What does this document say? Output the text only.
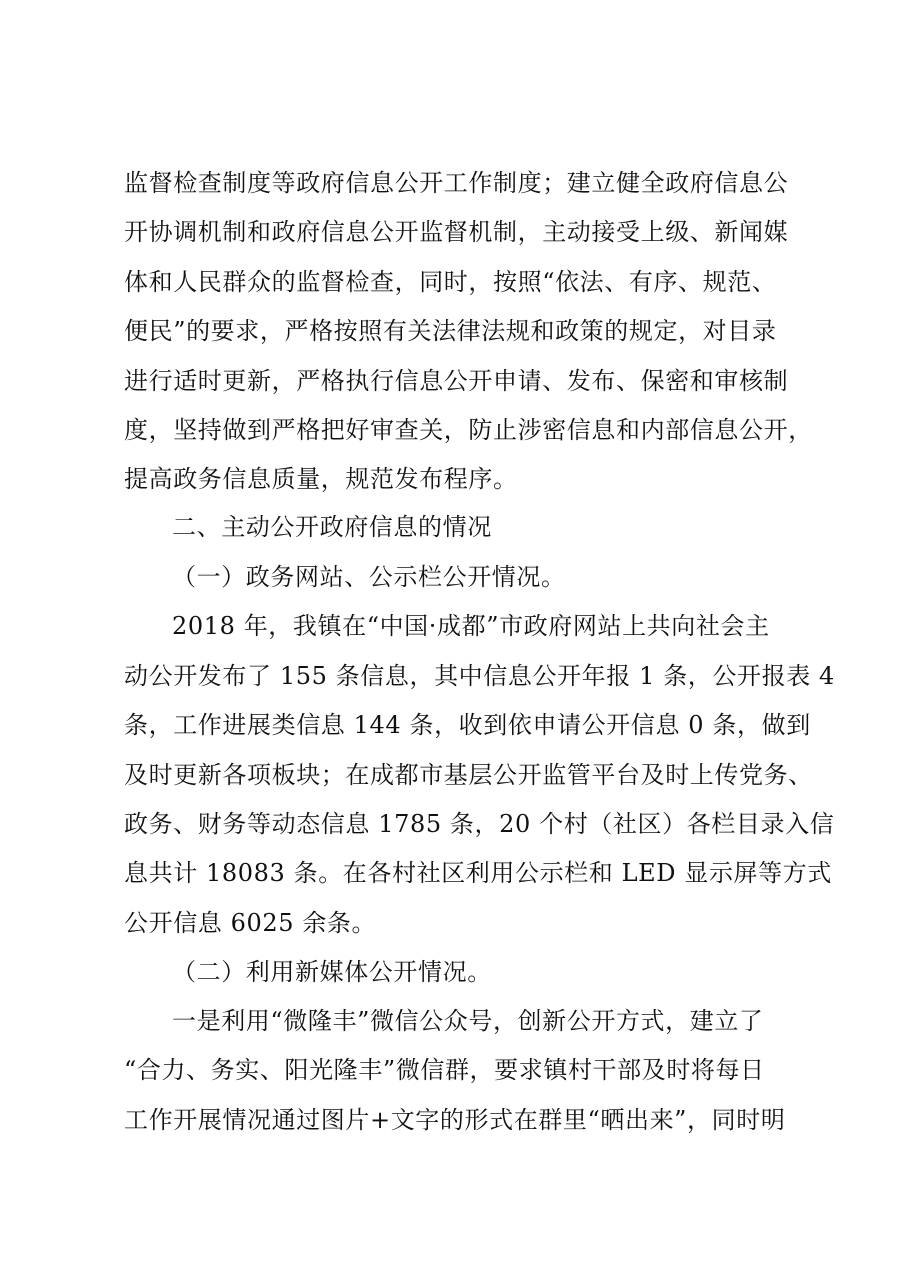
监督检查制度等政府信息公开工作制度；建立健全政府信息公
开协调机制和政府信息公开监督机制，主动接受上级、新闻媒
体和人民群众的监督检查，同时，按照“依法、有序、规范、
便民”的要求，严格按照有关法律法规和政策的规定，对目录
进行适时更新，严格执行信息公开申请、发布、保密和审核制
度，坚持做到严格把好审查关，防止涉密信息和内部信息公开，
提高政务信息质量，规范发布程序。
二、主动公开政府信息的情况
（一）政务网站、公示栏公开情况。
2018 年，我镇在“中国·成都”市政府网站上共向社会主
动公开发布了 155 条信息，其中信息公开年报 1 条，公开报表 4
条，工作进展类信息 144 条，收到依申请公开信息 0 条，做到
及时更新各项板块；在成都市基层公开监管平台及时上传党务、
政务、财务等动态信息 1785 条，20 个村（社区）各栏目录入信
息共计 18083 条。在各村社区利用公示栏和 LED 显示屏等方式
公开信息 6025 余条。
（二）利用新媒体公开情况。
一是利用“微隆丰”微信公众号，创新公开方式，建立了
“合力、务实、阳光隆丰”微信群，要求镇村干部及时将每日
工作开展情况通过图片+文字的形式在群里“晒出来”，同时明
